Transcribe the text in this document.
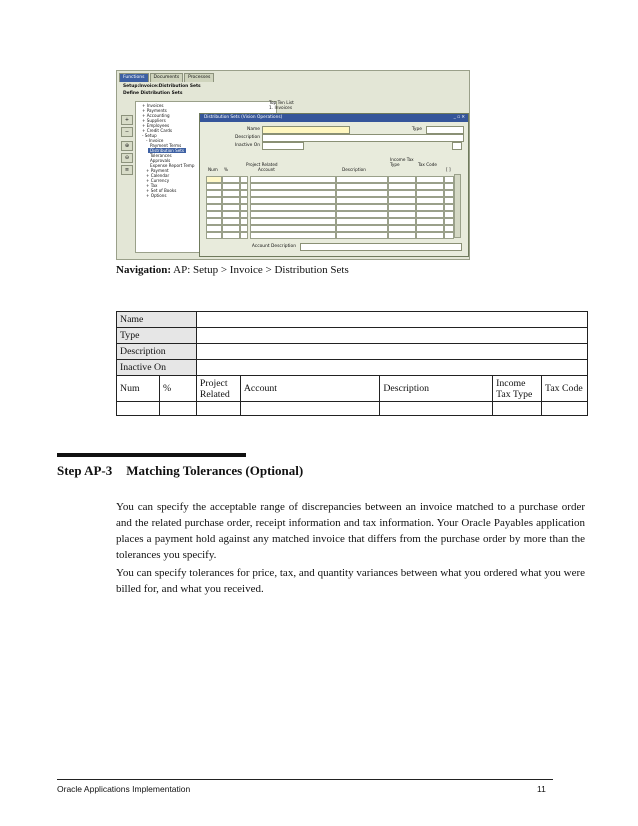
Functions	Documents	Processes
Setup:Invoice:Distribution Sets
Define Distribution Sets
+
−
⊕
⊖
≡
+ Invoices
+ Payments
+ Accounting
+ Suppliers
+ Employees
+ Credit Cards
- Setup
- Invoice
Payment Terms
Distribution Sets
Tolerances
Approvals
Expense Report Temp
+ Payment
+ Calendar
+ Currency
+ Tax
+ Set of Books
+ Options
Top Ten List
1. Invoices
Distribution Sets (Vision Operations)	_ ▫ ✕
Name	Type
Description
Inactive On
Num %
Project Related
Account	Description
Income Tax Type	Tax Code
[ ]
Account Description
Navigation: AP: Setup > Invoice > Distribution Sets
Name						
Type						
Description						
Inactive On						
Num	%	Project Related	Account	Description	Income Tax Type	Tax Code

Step AP-3 Matching Tolerances (Optional)
You can specify the acceptable range of discrepancies between an invoice matched to a purchase order and the related purchase order, receipt information and tax information. Your Oracle Payables application places a payment hold against any matched invoice that differs from the purchase order by more than the tolerances you specify.
You can specify tolerances for price, tax, and quantity variances between what you ordered what you were billed for, and what you received.
Oracle Applications Implementation	11
